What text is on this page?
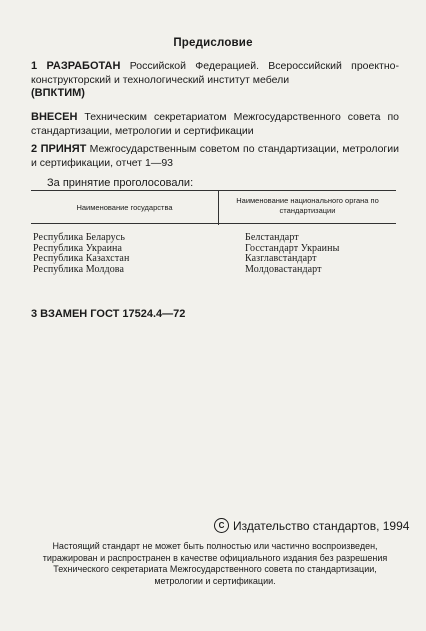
Предисловие
1 РАЗРАБОТАН Российской Федерацией. Всероссийский проектно-конструкторский и технологический институт мебели
(ВПКТИМ)
ВНЕСЕН Техническим секретариатом Межгосударственного совета по стандартизации, метрологии и сертификации
2 ПРИНЯТ Межгосударственным советом по стандартизации, метрологии и сертификации, отчет 1—93
За принятие проголосовали:
Наименование государства
Наименование национального органа по стандартизации
Республика Беларусь
Республика Украина
Республика Казахстан
Республика Молдова
Белстандарт
Госстандарт Украины
Казглавстандарт
Молдовастандарт
3 ВЗАМЕН ГОСТ 17524.4—72
С Издательство стандартов, 1994
Настоящий стандарт не может быть полностью или частично воспроизведен, тиражирован и распространен в качестве официального издания без разрешения Технического секретариата Межгосударственного совета по стандартизации, метрологии и сертификации.
